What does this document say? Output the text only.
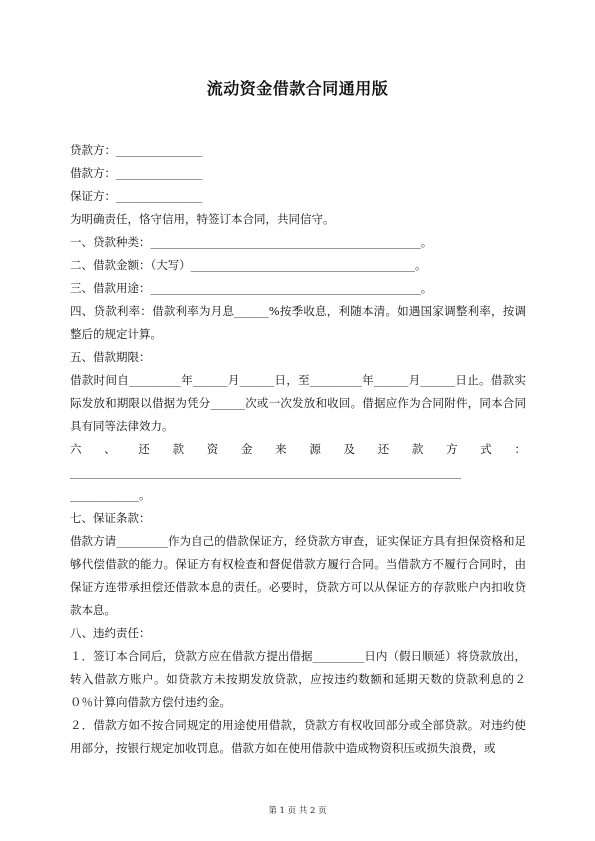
流动资金借款合同通用版

贷款方：_______________

借款方：_______________

保证方：_______________

为明确责任，恪守信用，特签订本合同，共同信守。

一、贷款种类：_______________________________________________。

二、借款金额：（大写）_______________________________________。

三、借款用途：_______________________________________________。

四、贷款利率：借款利率为月息______%按季收息，利随本清。如遇国家调整利率，按调整后的规定计算。

五、借款期限：

借款时间自_________年______月______日，至_________年______月______日止。借款实际发放和期限以借据为凭分______次或一次发放和收回。借据应作为合同附件，同本合同具有同等法律效力。

六 、 还 款 资 金 来 源 及 还 款 方 式 ：

____________________________________________________________________

____________。

七、保证条款：

借款方请_________作为自己的借款保证方，经贷款方审查，证实保证方具有担保资格和足够代偿借款的能力。保证方有权检查和督促借款方履行合同。当借款方不履行合同时，由保证方连带承担偿还借款本息的责任。必要时，贷款方可以从保证方的存款账户内扣收贷款本息。

八、违约责任：

１．签订本合同后，贷款方应在借款方提出借据_________日内（假日顺延）将贷款放出，转入借款方账户。如贷款方未按期发放贷款，应按违约数额和延期天数的贷款利息的２０％计算向借款方偿付违约金。

２．借款方如不按合同规定的用途使用借款，贷款方有权收回部分或全部贷款。对违约使用部分，按银行规定加收罚息。借款方如在使用借款中造成物资积压或损失浪费，或

第 1 页 共 2 页
